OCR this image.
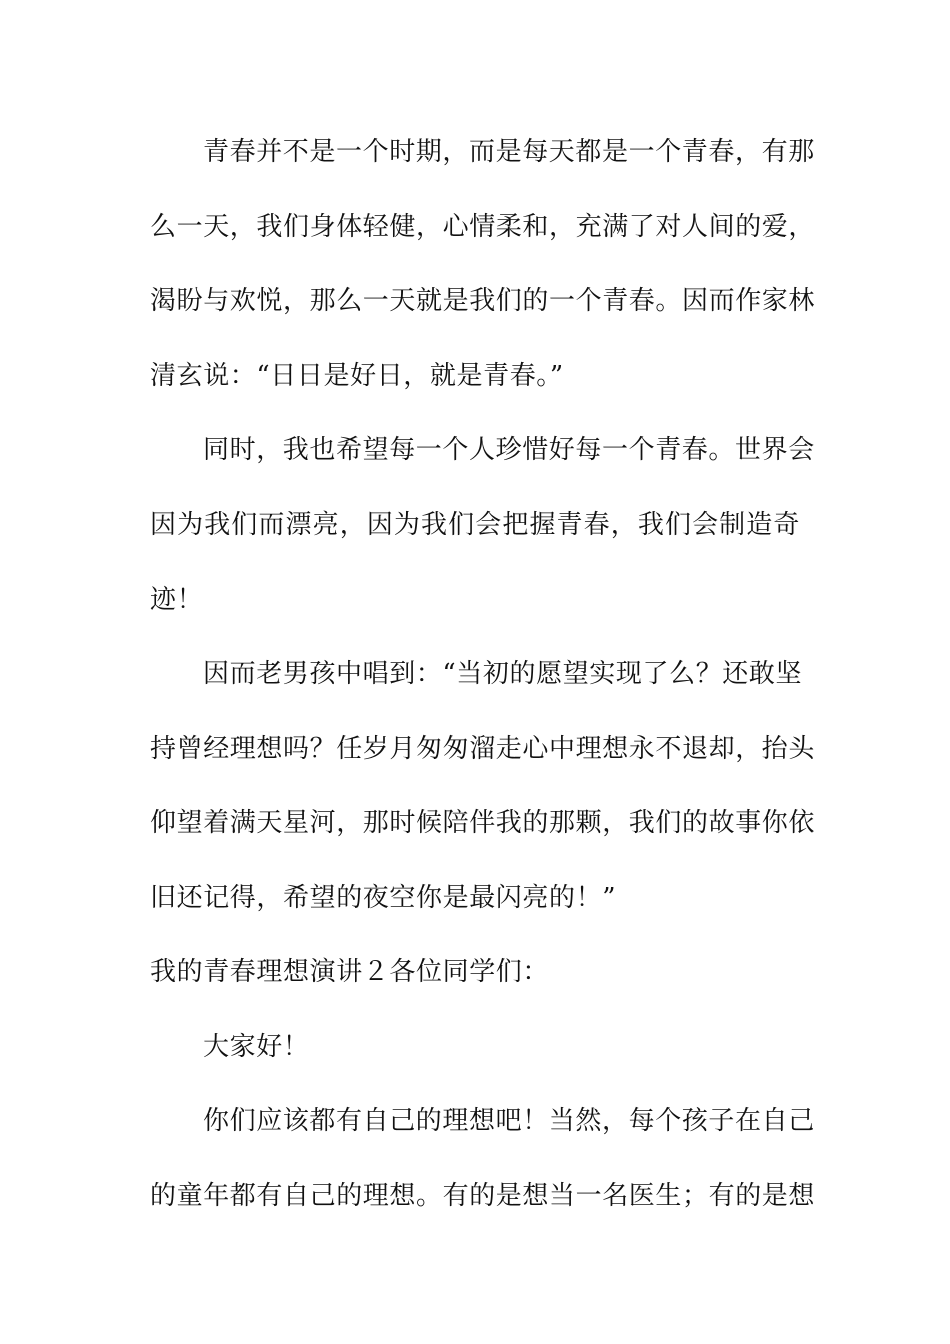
青春并不是一个时期，而是每天都是一个青春，有那
么一天，我们身体轻健，心情柔和，充满了对人间的爱，
渴盼与欢悦，那么一天就是我们的一个青春。因而作家林
清玄说：“日日是好日，就是青春。”
同时，我也希望每一个人珍惜好每一个青春。世界会
因为我们而漂亮，因为我们会把握青春，我们会制造奇
迹！
因而老男孩中唱到：“当初的愿望实现了么？还敢坚
持曾经理想吗？任岁月匆匆溜走心中理想永不退却，抬头
仰望着满天星河，那时候陪伴我的那颗，我们的故事你依
旧还记得，希望的夜空你是最闪亮的！”
我的青春理想演讲２各位同学们：
大家好！
你们应该都有自己的理想吧！当然，每个孩子在自己
的童年都有自己的理想。有的是想当一名医生；有的是想
